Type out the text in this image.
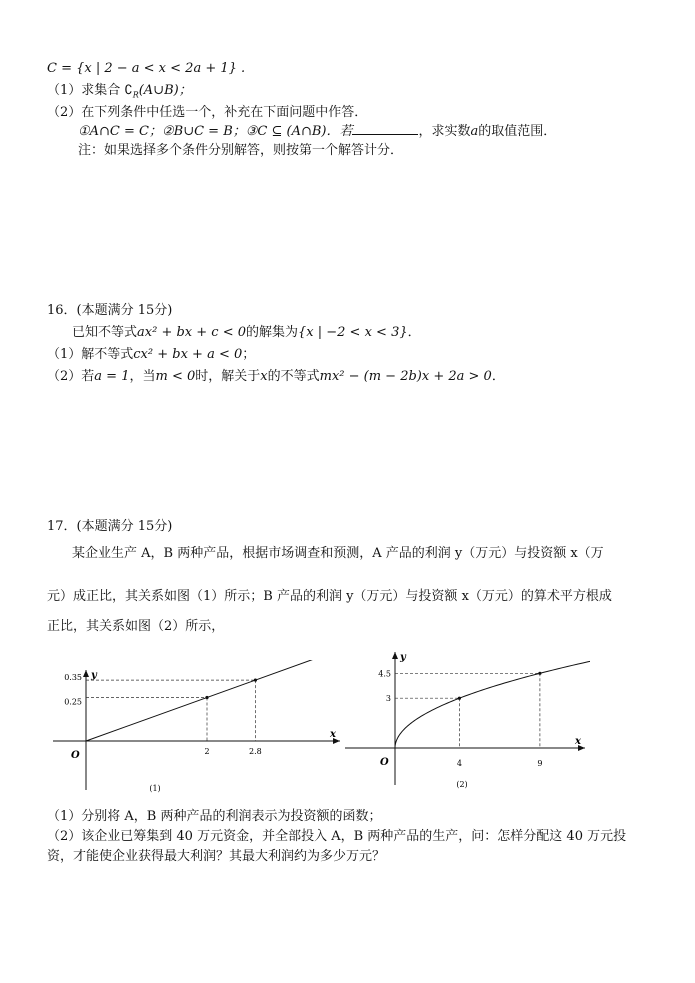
C = {x | 2 − a < x < 2a + 1} .
（1）求集合 $∁_R(A\cup B)$；
（2）在下列条件中任选一个，补充在下面问题中作答．
①A∩C = C；②B∪C = B；③C ⊆ (A∩B)．若	，求实数a的取值范围．
注：如果选择多个条件分别解答，则按第一个解答计分．
16．(本题满分 15分)
已知不等式ax² + bx + c < 0的解集为{x | −2 < x < 3}．
（1）解不等式cx² + bx + a < 0；
（2）若a = 1，当m < 0时，解关于x的不等式mx² − (m − 2b)x + 2a > 0．
17．(本题满分 15分)
某企业生产 A，B 两种产品，根据市场调查和预测，A 产品的利润 y（万元）与投资额 x（万
元）成正比，其关系如图（1）所示；B 产品的利润 y（万元）与投资额 x（万元）的算术平方根成
正比，其关系如图（2）所示，
x
y
O	2
0.25
2.8
0.35
(1)
x
y
O	4
3
9
4.5
(2)
（1）分别将 A，B 两种产品的利润表示为投资额的函数；
（2）该企业已筹集到 40 万元资金，并全部投入 A，B 两种产品的生产，问：怎样分配这 40 万元投
资，才能使企业获得最大利润？其最大利润约为多少万元？
